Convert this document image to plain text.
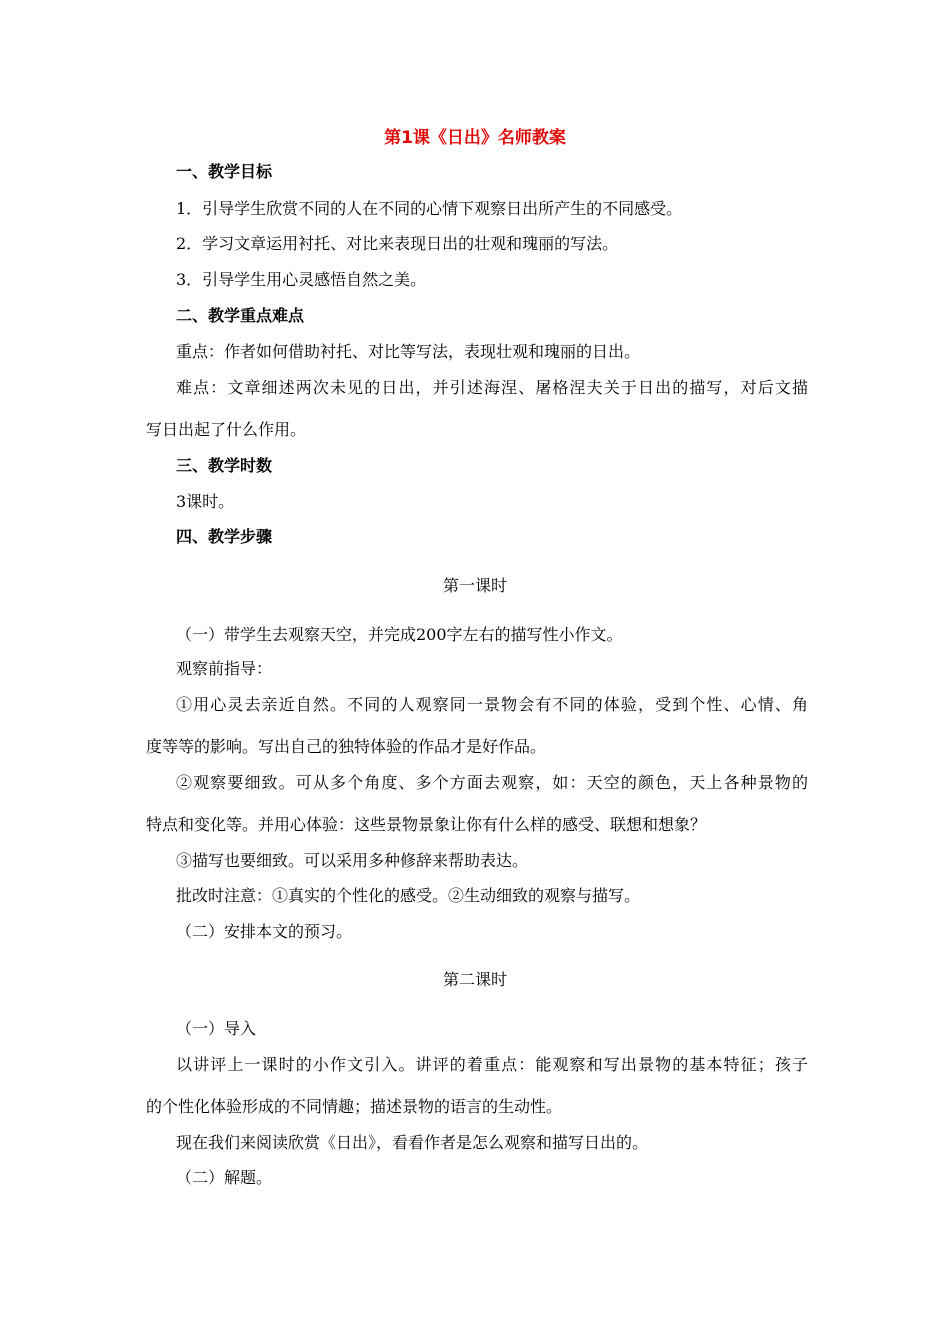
第1课《日出》名师教案
一、教学目标
1．引导学生欣赏不同的人在不同的心情下观察日出所产生的不同感受。
2．学习文章运用衬托、对比来表现日出的壮观和瑰丽的写法。
3．引导学生用心灵感悟自然之美。
二、教学重点难点
重点：作者如何借助衬托、对比等写法，表现壮观和瑰丽的日出。
难点：文章细述两次未见的日出，并引述海涅、屠格涅夫关于日出的描写，对后文描
写日出起了什么作用。
三、教学时数
3课时。
四、教学步骤
第一课时
（一）带学生去观察天空，并完成200字左右的描写性小作文。
观察前指导：
①用心灵去亲近自然。不同的人观察同一景物会有不同的体验，受到个性、心情、角
度等等的影响。写出自己的独特体验的作品才是好作品。
②观察要细致。可从多个角度、多个方面去观察，如：天空的颜色，天上各种景物的
特点和变化等。并用心体验：这些景物景象让你有什么样的感受、联想和想象？
③描写也要细致。可以采用多种修辞来帮助表达。
批改时注意：①真实的个性化的感受。②生动细致的观察与描写。
（二）安排本文的预习。
第二课时
（一）导入
以讲评上一课时的小作文引入。讲评的着重点：能观察和写出景物的基本特征；孩子
的个性化体验形成的不同情趣；描述景物的语言的生动性。
现在我们来阅读欣赏《日出》，看看作者是怎么观察和描写日出的。
（二）解题。
